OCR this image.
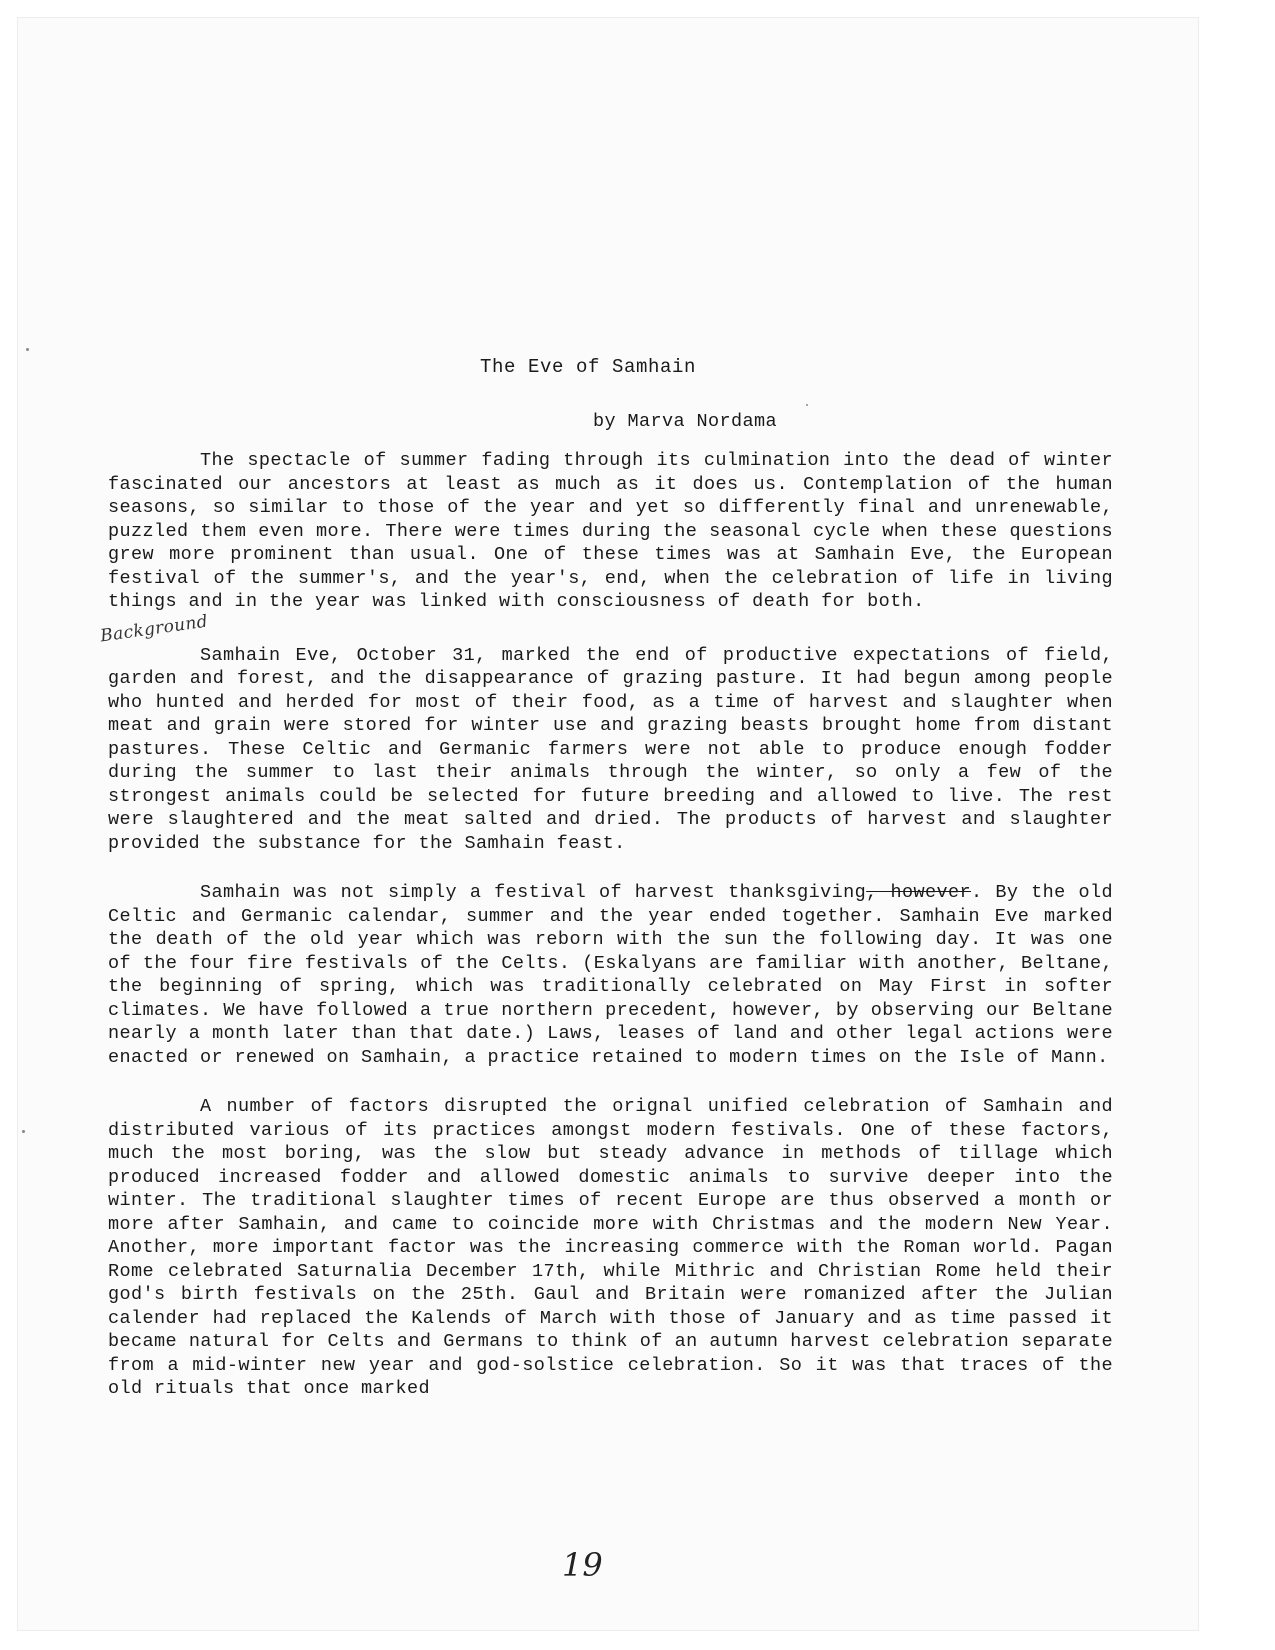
The Eve of Samhain

by Marva Nordama

The spectacle of summer fading through its culmination into the dead of winter fascinated our ancestors at least as much as it does us. Contemplation of the human seasons, so similar to those of the year and yet so differently final and unrenewable, puzzled them even more. There were times during the seasonal cycle when these questions grew more prominent than usual. One of these times was at Samhain Eve, the European festival of the summer's, and the year's, end, when the celebration of life in living things and in the year was linked with consciousness of death for both.

Background

Samhain Eve, October 31, marked the end of productive expectations of field, garden and forest, and the disappearance of grazing pasture. It had begun among people who hunted and herded for most of their food, as a time of harvest and slaughter when meat and grain were stored for winter use and grazing beasts brought home from distant pastures. These Celtic and Germanic farmers were not able to produce enough fodder during the summer to last their animals through the winter, so only a few of the strongest animals could be selected for future breeding and allowed to live. The rest were slaughtered and the meat salted and dried. The products of harvest and slaughter provided the substance for the Samhain feast.

Samhain was not simply a festival of harvest thanksgiving, however. By the old Celtic and Germanic calendar, summer and the year ended together. Samhain Eve marked the death of the old year which was reborn with the sun the following day. It was one of the four fire festivals of the Celts. (Eskalyans are familiar with another, Beltane, the beginning of spring, which was traditionally celebrated on May First in softer climates. We have followed a true northern precedent, however, by observing our Beltane nearly a month later than that date.) Laws, leases of land and other legal actions were enacted or renewed on Samhain, a practice retained to modern times on the Isle of Mann.

A number of factors disrupted the orignal unified celebration of Samhain and distributed various of its practices amongst modern festivals. One of these factors, much the most boring, was the slow but steady advance in methods of tillage which produced increased fodder and allowed domestic animals to survive deeper into the winter. The traditional slaughter times of recent Europe are thus observed a month or more after Samhain, and came to coincide more with Christmas and the modern New Year. Another, more important factor was the increasing commerce with the Roman world. Pagan Rome celebrated Saturnalia December 17th, while Mithric and Christian Rome held their god's birth festivals on the 25th. Gaul and Britain were romanized after the Julian calender had replaced the Kalends of March with those of January and as time passed it became natural for Celts and Germans to think of an autumn harvest celebration separate from a mid-winter new year and god-solstice celebration. So it was that traces of the old rituals that once marked

19
